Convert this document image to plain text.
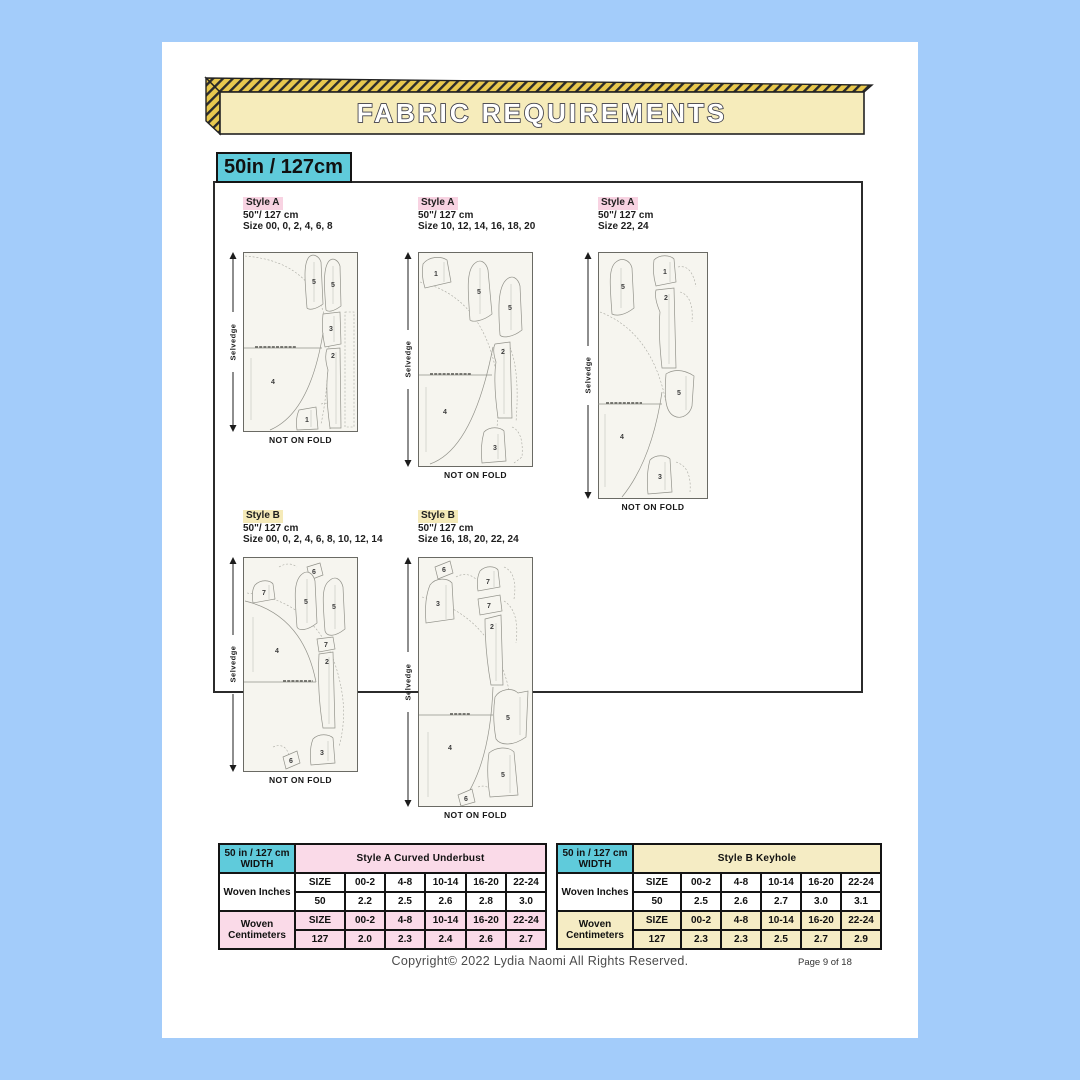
FABRIC REQUIREMENTS
50in / 127cm
Style A
50"/ 127 cm
Size 00, 0, 2, 4, 6, 8
Selvedge
5 5
3
2
4
1
NOT ON FOLD
Style A
50"/ 127 cm
Size 10, 12, 14, 16, 18, 20
Selvedge
1
5
5
2
4
3
NOT ON FOLD
Style A
50"/ 127 cm
Size 22, 24
Selvedge
5
1
2
5
4
3
NOT ON FOLD
Style B
50"/ 127 cm
Size 00, 0, 2, 4, 6, 8, 10, 12, 14
Selvedge
7
6
5
5
4
7
2
3
6
NOT ON FOLD
Style B
50"/ 127 cm
Size 16, 18, 20, 22, 24
Selvedge
6
3
7
7
2
5
5
4
6
NOT ON FOLD
50 in / 127 cm WIDTH	Style A Curved Underbust					
Woven Inches	SIZE	00-2	4-8	10-14	16-20	22-24
	50	2.2	2.5	2.6	2.8	3.0
Woven Centimeters	SIZE	00-2	4-8	10-14	16-20	22-24
	127	2.0	2.3	2.4	2.6	2.7
50 in / 127 cm WIDTH	Style B Keyhole					
Woven Inches	SIZE	00-2	4-8	10-14	16-20	22-24
	50	2.5	2.6	2.7	3.0	3.1
Woven Centimeters	SIZE	00-2	4-8	10-14	16-20	22-24
	127	2.3	2.3	2.5	2.7	2.9
Copyright© 2022 Lydia Naomi All Rights Reserved.	Page 9 of 18
